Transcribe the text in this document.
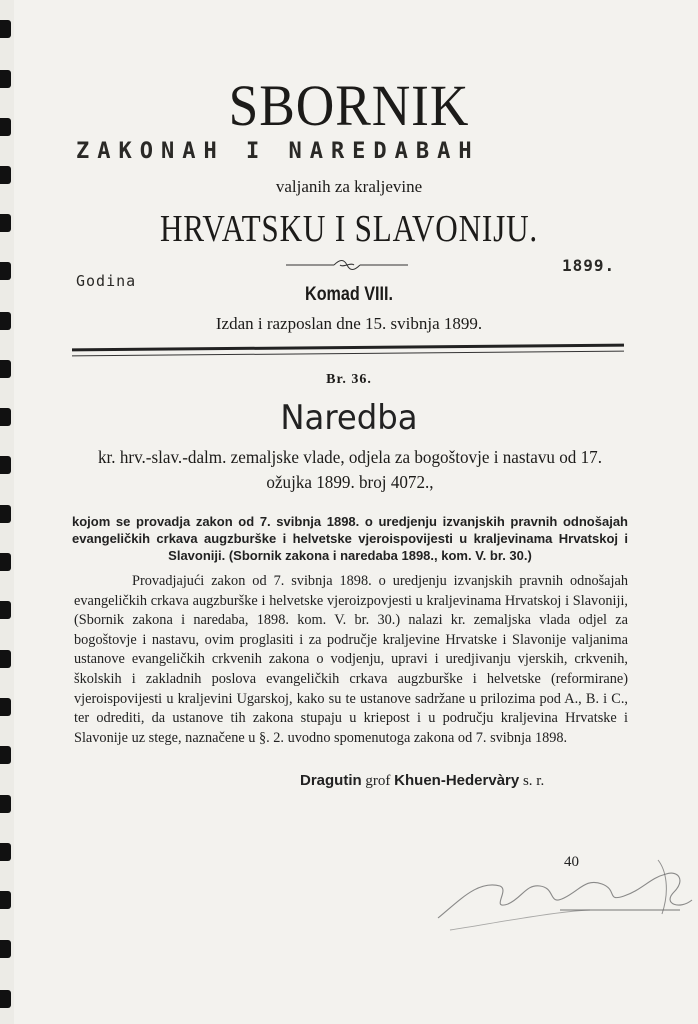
SBORNIK
ZAKONAH I NAREDABAH
valjanih za kraljevine
HRVATSKU I SLAVONIJU.
Godina
1899.
Komad VIII.
Izdan i razposlan dne 15. svibnja 1899.
Br. 36.
Naredba
kr. hrv.-slav.-dalm. zemaljske vlade, odjela za bogoštovje i nastavu od 17. ožujka 1899. broj 4072.,
kojom se provadja zakon od 7. svibnja 1898. o uredjenju izvanjskih pravnih odnošajah evangeličkih crkava augzburške i helvetske vjeroispovijesti u kraljevinama Hrvatskoj i Slavoniji. (Sbornik zakona i naredaba 1898., kom. V. br. 30.)
Provadjajući zakon od 7. svibnja 1898. o uredjenju izvanjskih pravnih odnošajah evangeličkih crkava augzburške i helvetske vjeroizpovjesti u kraljevinama Hrvatskoj i Slavoniji, (Sbornik zakona i naredaba, 1898. kom. V. br. 30.) nalazi kr. zemaljska vlada odjel za bogoštovje i nastavu, ovim proglasiti i za područje kraljevine Hrvatske i Slavonije valjanima ustanove evangeličkih crkvenih zakona o vodjenju, upravi i uredjivanju vjerskih, crkvenih, školskih i zakladnih poslova evangeličkih crkava augzburške i helvetske (reformirane) vjeroispovijesti u kraljevini Ugarskoj, kako su te ustanove sadržane u prilozima pod A., B. i C., ter odrediti, da ustanove tih zakona stupaju u kriepost i u području kraljevina Hrvatske i Slavonije uz stege, naznačene u §. 2. uvodno spomenutoga zakona od 7. svibnja 1898.
Dragutin grof Khuen-Hedervàry s. r.
40
